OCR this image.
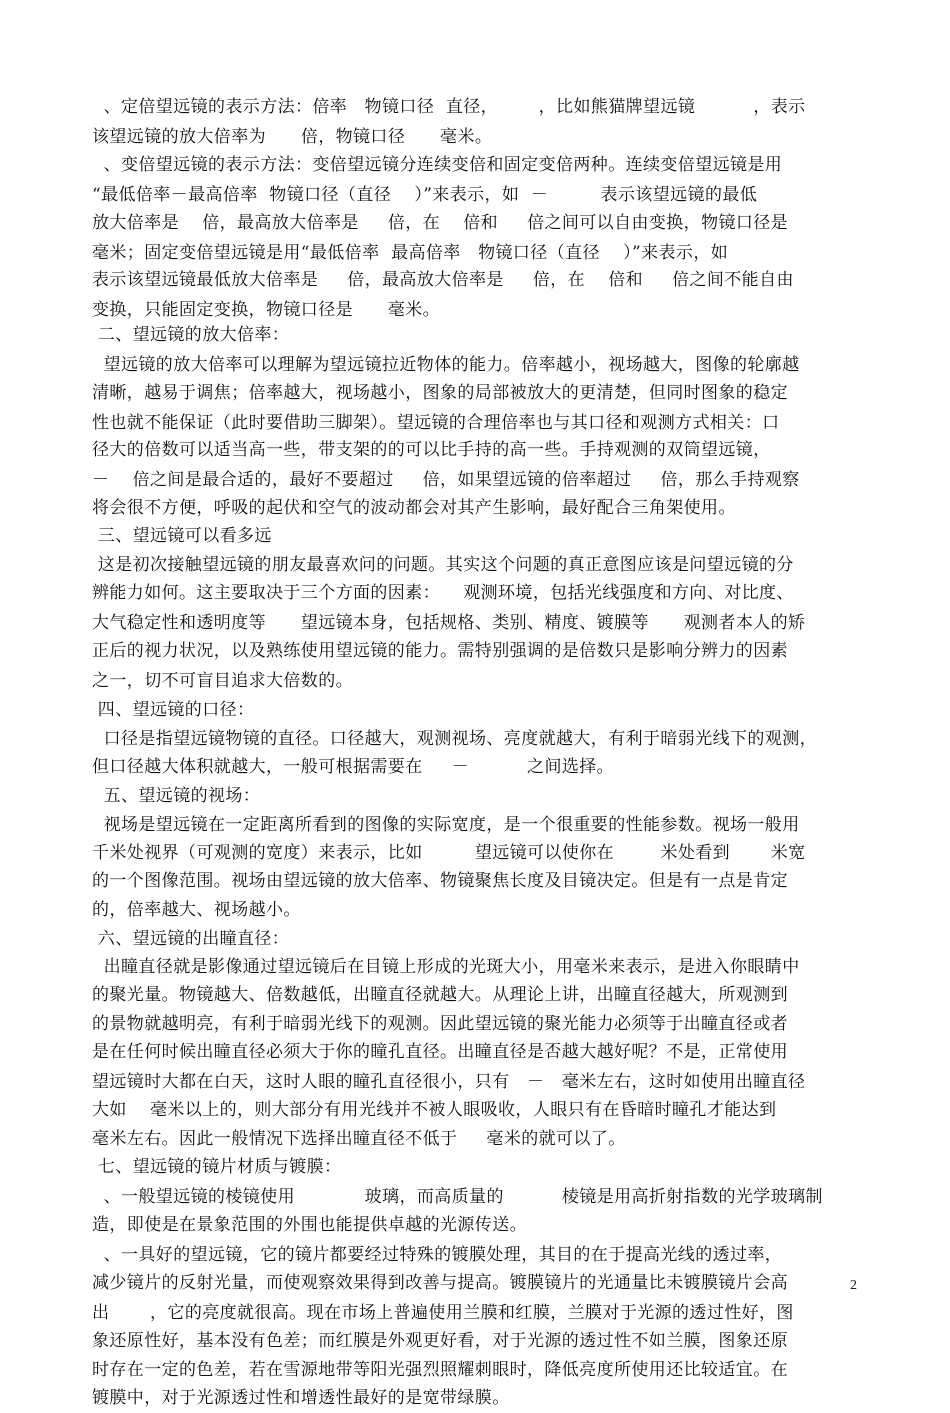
、定倍望远镜的表示方法：倍率   物镜口径  直径，       ，比如熊猫牌望远镜          ，表示
该望远镜的放大倍率为      倍，物镜口径      毫米。
、变倍望远镜的表示方法：变倍望远镜分连续变倍和固定变倍两种。连续变倍望远镜是用
“最低倍率－最高倍率  物镜口径（直径    ）”来表示，如  －         表示该望远镜的最低
放大倍率是    倍，最高放大倍率是     倍，在    倍和     倍之间可以自由变换，物镜口径是
毫米；固定变倍望远镜是用“最低倍率  最高倍率   物镜口径（直径    ）”来表示，如
表示该望远镜最低放大倍率是     倍，最高放大倍率是     倍，在    倍和     倍之间不能自由
变换，只能固定变换，物镜口径是      毫米。
二、望远镜的放大倍率：
望远镜的放大倍率可以理解为望远镜拉近物体的能力。倍率越小，视场越大，图像的轮廓越
清晰，越易于调焦；倍率越大，视场越小，图象的局部被放大的更清楚，但同时图象的稳定
性也就不能保证（此时要借助三脚架）。望远镜的合理倍率也与其口径和观测方式相关：口
径大的倍数可以适当高一些，带支架的的可以比手持的高一些。手持观测的双筒望远镜，
－    倍之间是最合适的，最好不要超过     倍，如果望远镜的倍率超过     倍，那么手持观察
将会很不方便，呼吸的起伏和空气的波动都会对其产生影响，最好配合三角架使用。
三、望远镜可以看多远
这是初次接触望远镜的朋友最喜欢问的问题。其实这个问题的真正意图应该是问望远镜的分
辨能力如何。这主要取决于三个方面的因素：    观测环境，包括光线强度和方向、对比度、
大气稳定性和透明度等      望远镜本身，包括规格、类别、精度、镀膜等      观测者本人的矫
正后的视力状况，以及熟练使用望远镜的能力。需特别强调的是倍数只是影响分辨力的因素
之一，切不可盲目追求大倍数的。
四、望远镜的口径：
口径是指望远镜物镜的直径。口径越大，观测视场、亮度就越大，有利于暗弱光线下的观测，
但口径越大体积就越大，一般可根据需要在     －          之间选择。
五、望远镜的视场：
视场是望远镜在一定距离所看到的图像的实际宽度，是一个很重要的性能参数。视场一般用
千米处视界（可观测的宽度）来表示，比如         望远镜可以使你在        米处看到       米宽
的一个图像范围。视场由望远镜的放大倍率、物镜聚焦长度及目镜决定。但是有一点是肯定
的，倍率越大、视场越小。
六、望远镜的出瞳直径：
出瞳直径就是影像通过望远镜后在目镜上形成的光斑大小，用毫米来表示，是进入你眼睛中
的聚光量。物镜越大、倍数越低，出瞳直径就越大。从理论上讲，出瞳直径越大，所观测到
的景物就越明亮，有利于暗弱光线下的观测。因此望远镜的聚光能力必须等于出瞳直径或者
是在任何时候出瞳直径必须大于你的瞳孔直径。出瞳直径是否越大越好呢？不是，正常使用
望远镜时大都在白天，这时人眼的瞳孔直径很小，只有   －   毫米左右，这时如使用出瞳直径
大如    毫米以上的，则大部分有用光线并不被人眼吸收，人眼只有在昏暗时瞳孔才能达到
毫米左右。因此一般情况下选择出瞳直径不低于     毫米的就可以了。
七、望远镜的镜片材质与镀膜：
、一般望远镜的棱镜使用            玻璃，而高质量的          棱镜是用高折射指数的光学玻璃制
造，即使是在景象范围的外围也能提供卓越的光源传送。
、一具好的望远镜，它的镜片都要经过特殊的镀膜处理，其目的在于提高光线的透过率，
减少镜片的反射光量，而使观察效果得到改善与提高。镀膜镜片的光通量比未镀膜镜片会高
出       ，它的亮度就很高。现在市场上普遍使用兰膜和红膜，兰膜对于光源的透过性好，图
象还原性好，基本没有色差；而红膜是外观更好看，对于光源的透过性不如兰膜，图象还原
时存在一定的色差，若在雪源地带等阳光强烈照耀刺眼时，降低亮度所使用还比较适宜。在
镀膜中，对于光源透过性和增透性最好的是宽带绿膜。
2
